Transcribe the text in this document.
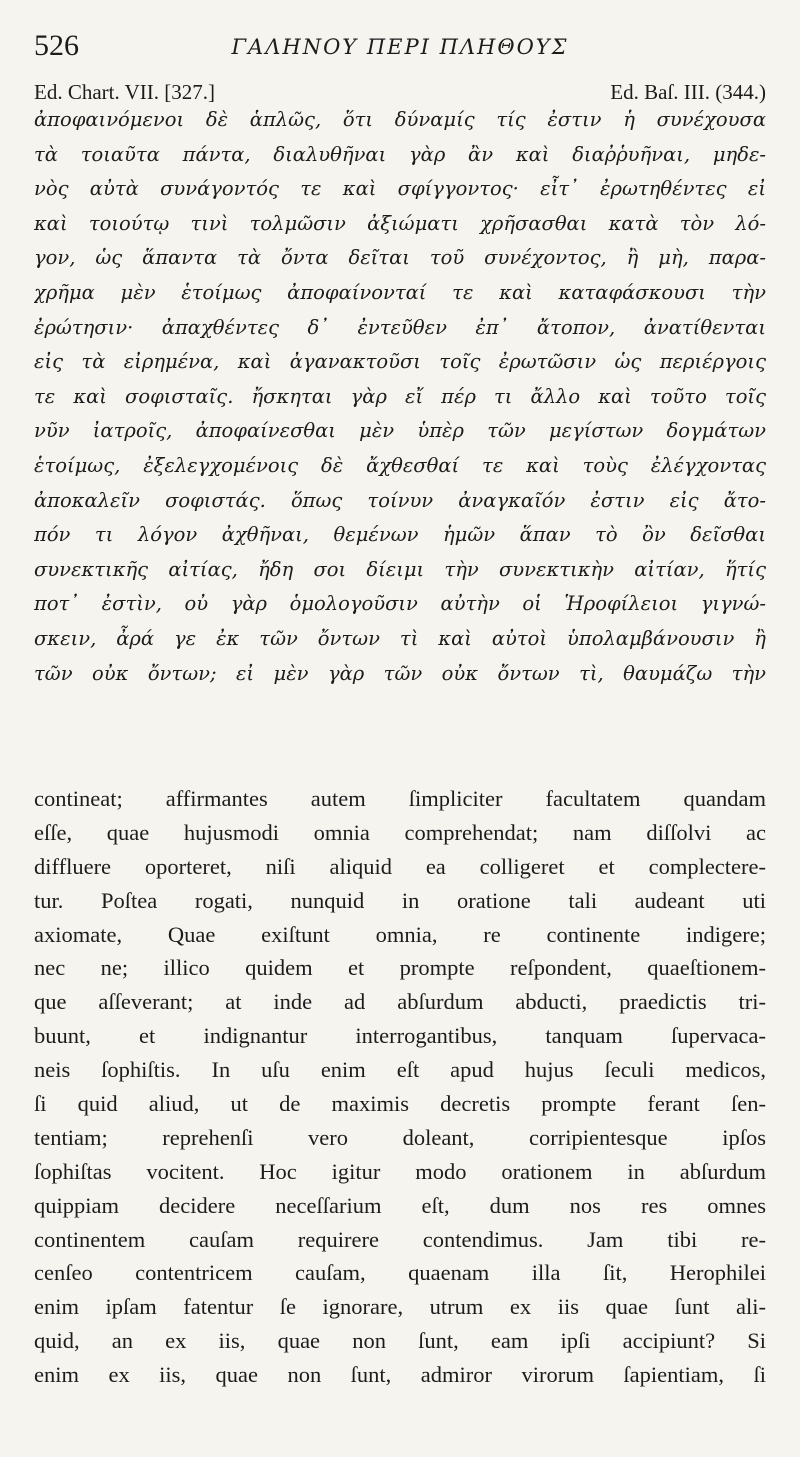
526	ΓΑΛΗΝΟΥ ΠΕΡΙ ΠΛΗΘΟΥΣ
Ed. Chart. VII. [327.]	Ed. Baſ. III. (344.)
ἀποφαινόμενοι δὲ ἁπλῶς, ὅτι δύναμίς τίς ἐστιν ἡ συνέχουσα
τὰ τοιαῦτα πάντα, διαλυθῆναι γὰρ ἂν καὶ διαῤῥυῆναι, μηδε-
νὸς αὐτὰ συνάγοντός τε καὶ σφίγγοντος· εἶτ᾽ ἐρωτηθέντες εἰ
καὶ τοιούτῳ τινὶ τολμῶσιν ἀξιώματι χρῆσασθαι κατὰ τὸν λό-
γον, ὡς ἅπαντα τὰ ὄντα δεῖται τοῦ συνέχοντος, ἢ μὴ, παρα-
χρῆμα μὲν ἑτοίμως ἀποφαίνονταί τε καὶ καταφάσκουσι τὴν
ἐρώτησιν· ἀπαχθέντες δ᾽ ἐντεῦθεν ἐπ᾽ ἄτοπον, ἀνατίθενται
εἰς τὰ εἰρημένα, καὶ ἀγανακτοῦσι τοῖς ἐρωτῶσιν ὡς περιέργοις
τε καὶ σοφισταῖς. ἤσκηται γὰρ εἴ πέρ τι ἄλλο καὶ τοῦτο τοῖς
νῦν ἰατροῖς, ἀποφαίνεσθαι μὲν ὑπὲρ τῶν μεγίστων δογμάτων
ἑτοίμως, ἐξελεγχομένοις δὲ ἄχθεσθαί τε καὶ τοὺς ἐλέγχοντας
ἀποκαλεῖν σοφιστάς. ὅπως τοίνυν ἀναγκαῖόν ἐστιν εἰς ἄτο-
πόν τι λόγον ἀχθῆναι, θεμένων ἡμῶν ἅπαν τὸ ὂν δεῖσθαι
συνεκτικῆς αἰτίας, ἤδη σοι δίειμι τὴν συνεκτικὴν αἰτίαν, ἥτίς
ποτ᾽ ἐστὶν, οὐ γὰρ ὁμολογοῦσιν αὐτὴν οἱ Ἡροφίλειοι γιγνώ-
σκειν, ἆρά γε ἐκ τῶν ὄντων τὶ καὶ αὐτοὶ ὑπολαμβάνουσιν ἢ
τῶν οὐκ ὄντων; εἰ μὲν γὰρ τῶν οὐκ ὄντων τὶ, θαυμάζω τὴν
contineat; affirmantes autem ſimpliciter facultatem quandam
eſſe, quae hujusmodi omnia comprehendat; nam diſſolvi ac
diffluere oporteret, niſi aliquid ea colligeret et complectere-
tur. Poſtea rogati, nunquid in oratione tali audeant uti
axiomate, Quae exiſtunt omnia, re continente indigere;
nec ne; illico quidem et prompte reſpondent, quaeſtionem-
que aſſeverant; at inde ad abſurdum abducti, praedictis tri-
buunt, et indignantur interrogantibus, tanquam ſupervaca-
neis ſophiſtis. In uſu enim eſt apud hujus ſeculi medicos,
ſi quid aliud, ut de maximis decretis prompte ferant ſen-
tentiam; reprehenſi vero doleant, corripientesque ipſos
ſophiſtas vocitent. Hoc igitur modo orationem in abſurdum
quippiam decidere neceſſarium eſt, dum nos res omnes
continentem cauſam requirere contendimus. Jam tibi re-
cenſeo contentricem cauſam, quaenam illa ſit, Herophilei
enim ipſam fatentur ſe ignorare, utrum ex iis quae ſunt ali-
quid, an ex iis, quae non ſunt, eam ipſi accipiunt? Si
enim ex iis, quae non ſunt, admiror virorum ſapientiam, ſi
